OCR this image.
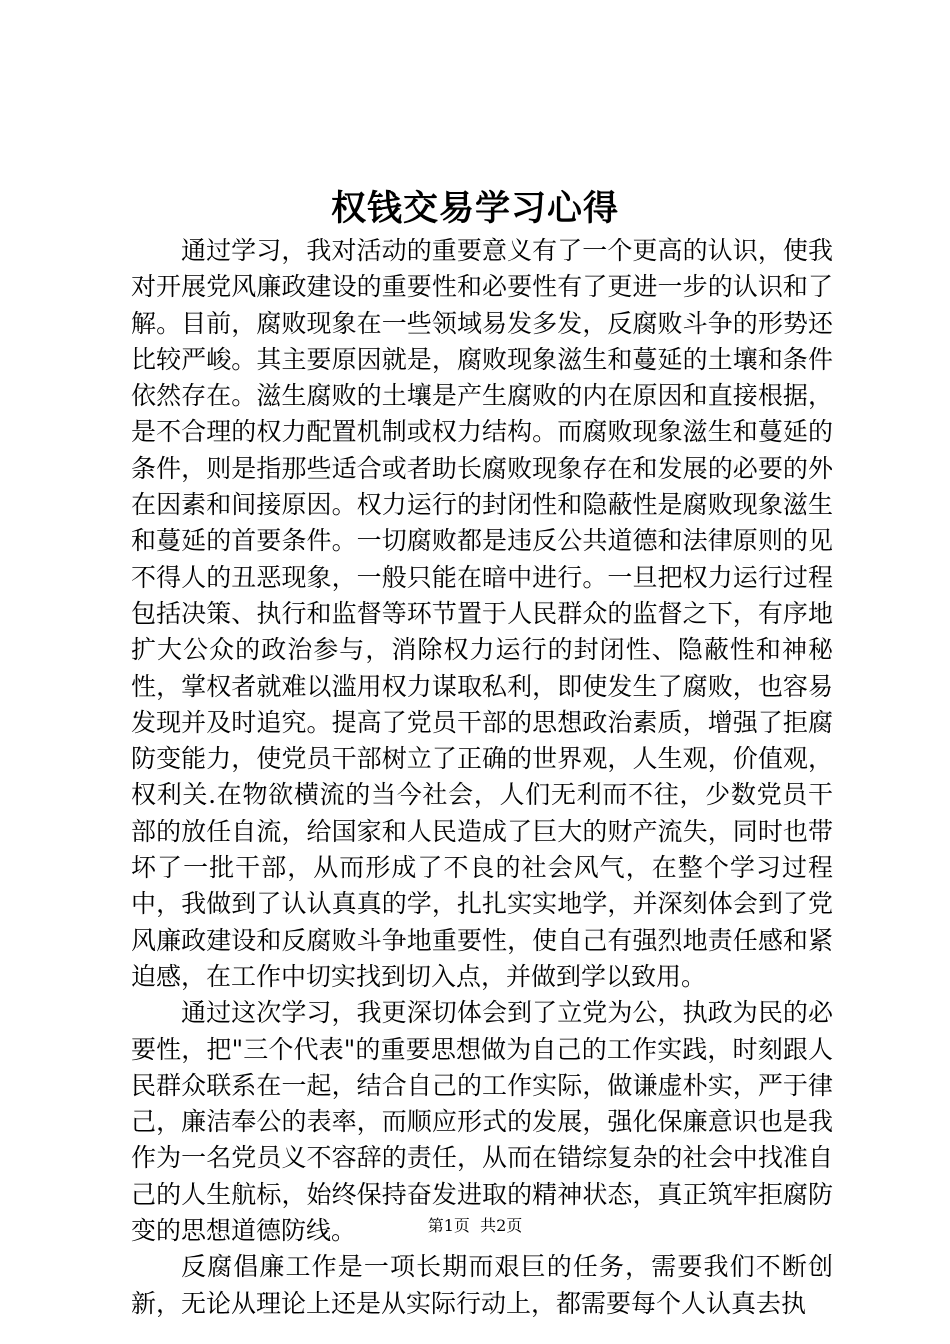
权钱交易学习心得

通过学习，我对活动的重要意义有了一个更高的认识，使我对开展党风廉政建设的重要性和必要性有了更进一步的认识和了解。目前，腐败现象在一些领域易发多发，反腐败斗争的形势还比较严峻。其主要原因就是，腐败现象滋生和蔓延的土壤和条件依然存在。滋生腐败的土壤是产生腐败的内在原因和直接根据，是不合理的权力配置机制或权力结构。而腐败现象滋生和蔓延的条件，则是指那些适合或者助长腐败现象存在和发展的必要的外在因素和间接原因。权力运行的封闭性和隐蔽性是腐败现象滋生和蔓延的首要条件。一切腐败都是违反公共道德和法律原则的见不得人的丑恶现象，一般只能在暗中进行。一旦把权力运行过程包括决策、执行和监督等环节置于人民群众的监督之下，有序地扩大公众的政治参与，消除权力运行的封闭性、隐蔽性和神秘性，掌权者就难以滥用权力谋取私利，即使发生了腐败，也容易发现并及时追究。提高了党员干部的思想政治素质，增强了拒腐防变能力，使党员干部树立了正确的世界观，人生观，价值观，权利关.在物欲横流的当今社会，人们无利而不往，少数党员干部的放任自流，给国家和人民造成了巨大的财产流失，同时也带坏了一批干部，从而形成了不良的社会风气，在整个学习过程中，我做到了认认真真的学，扎扎实实地学，并深刻体会到了党风廉政建设和反腐败斗争地重要性，使自己有强烈地责任感和紧迫感，在工作中切实找到切入点，并做到学以致用。

通过这次学习，我更深切体会到了立党为公，执政为民的必要性，把"三个代表"的重要思想做为自己的工作实践，时刻跟人民群众联系在一起，结合自己的工作实际，做谦虚朴实，严于律己，廉洁奉公的表率，而顺应形式的发展，强化保廉意识也是我作为一名党员义不容辞的责任，从而在错综复杂的社会中找准自己的人生航标，始终保持奋发进取的精神状态，真正筑牢拒腐防变的思想道德防线。

反腐倡廉工作是一项长期而艰巨的任务，需要我们不断创新，无论从理论上还是从实际行动上，都需要每个人认真去执

第1页 共2页
